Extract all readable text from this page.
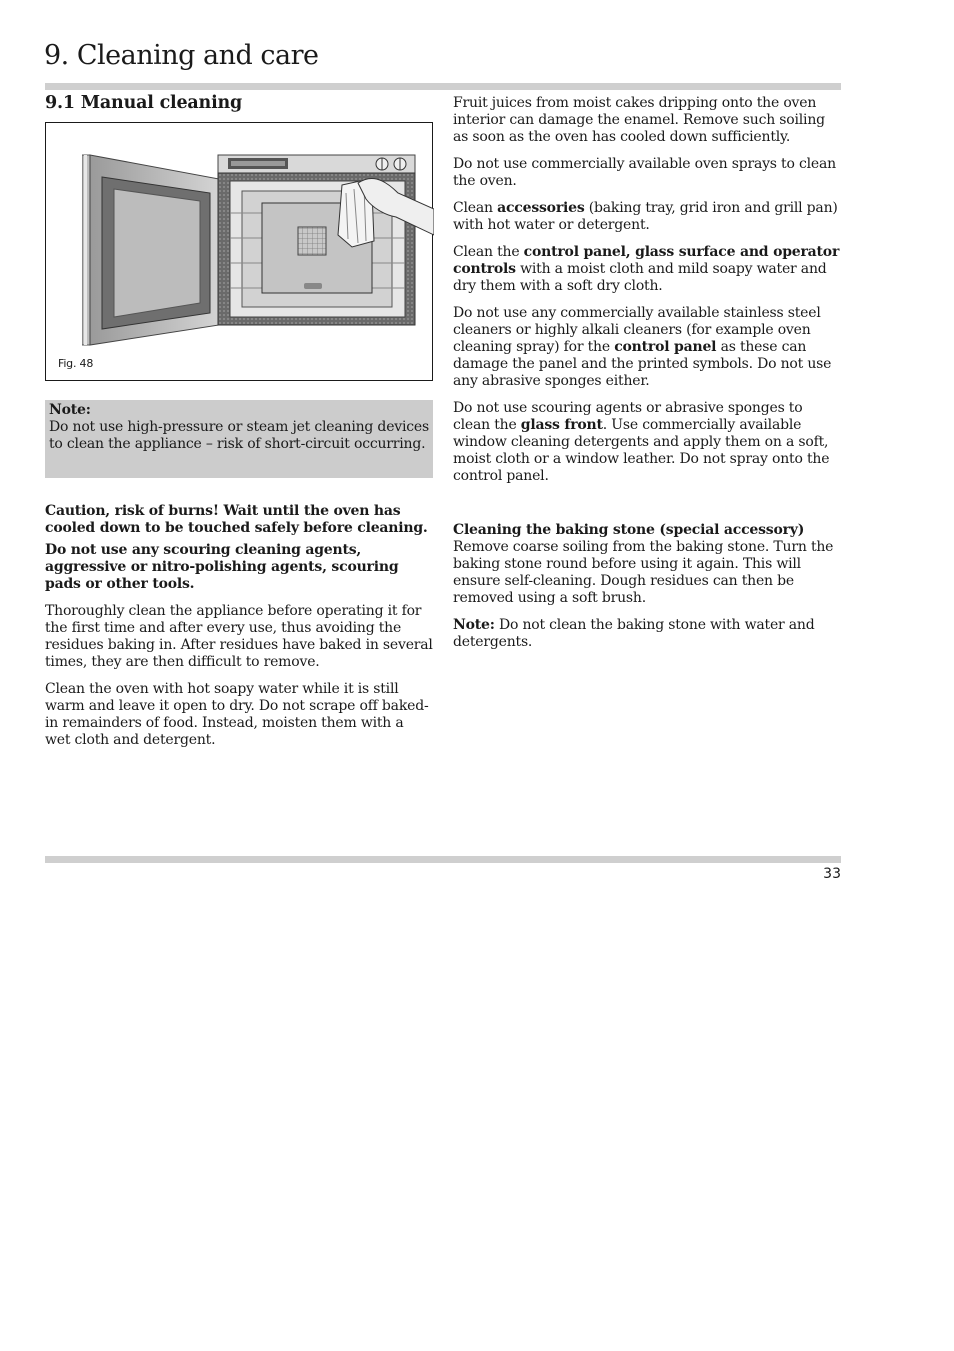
9. Cleaning and care
9.1 Manual cleaning

Fig. 48

Note:
Do not use high-pressure or steam jet cleaning devices to clean the appliance – risk of short-circuit occurring.

Caution, risk of burns! Wait until the oven has cooled down to be touched safely before cleaning.

Do not use any scouring cleaning agents, aggressive or nitro-polishing agents, scouring pads or other tools.

Thoroughly clean the appliance before operating it for the first time and after every use, thus avoiding the residues baking in. After residues have baked in several times, they are then difficult to remove.

Clean the oven with hot soapy water while it is still warm and leave it open to dry. Do not scrape off baked-in remainders of food. Instead, moisten them with a wet cloth and detergent.

Fruit juices from moist cakes dripping onto the oven interior can damage the enamel. Remove such soiling as soon as the oven has cooled down sufficiently.

Do not use commercially available oven sprays to clean the oven.

Clean accessories (baking tray, grid iron and grill pan) with hot water or detergent.

Clean the control panel, glass surface and operator controls with a moist cloth and mild soapy water and dry them with a soft dry cloth.

Do not use any commercially available stainless steel cleaners or highly alkali cleaners (for example oven cleaning spray) for the control panel as these can damage the panel and the printed symbols. Do not use any abrasive sponges either.

Do not use scouring agents or abrasive sponges to clean the glass front. Use commercially available window cleaning detergents and apply them on a soft, moist cloth or a window leather. Do not spray onto the control panel.

Cleaning the baking stone (special accessory)
Remove coarse soiling from the baking stone. Turn the baking stone round before using it again. This will ensure self-cleaning. Dough residues can then be removed using a soft brush.

Note: Do not clean the baking stone with water and detergents.

33
